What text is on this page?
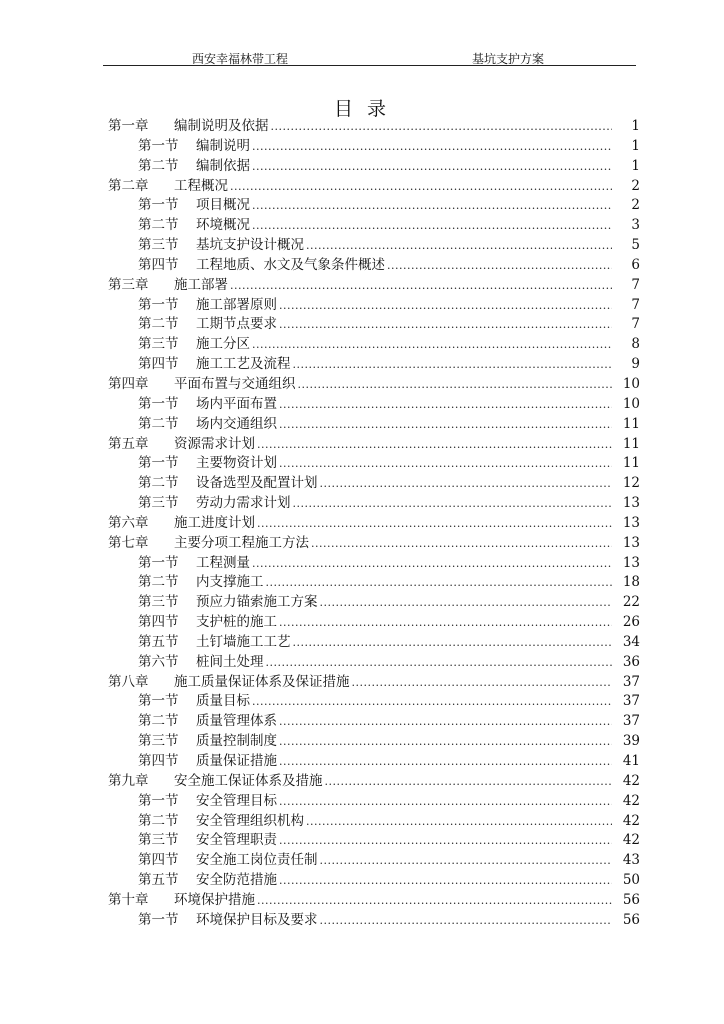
西安幸福林带工程	基坑支护方案
目 录
第一章	编制说明及依据 .....	1
第一节	编制说明 .....	1
第二节	编制依据 .....	1
第二章	工程概况 .....	2
第一节	项目概况 .....	2
第二节	环境概况 .....	3
第三节	基坑支护设计概况 .....	5
第四节	工程地质、水文及气象条件概述 .....	6
第三章	施工部署 .....	7
第一节	施工部署原则 .....	7
第二节	工期节点要求 .....	7
第三节	施工分区 .....	8
第四节	施工工艺及流程 .....	9
第四章	平面布置与交通组织 .....	10
第一节	场内平面布置 .....	10
第二节	场内交通组织 .....	11
第五章	资源需求计划 .....	11
第一节	主要物资计划 .....	11
第二节	设备选型及配置计划 .....	12
第三节	劳动力需求计划 .....	13
第六章	施工进度计划 .....	13
第七章	主要分项工程施工方法 .....	13
第一节	工程测量 .....	13
第二节	内支撑施工 .....	18
第三节	预应力锚索施工方案 .....	22
第四节	支护桩的施工 .....	26
第五节	土钉墙施工工艺 .....	34
第六节	桩间土处理 .....	36
第八章	施工质量保证体系及保证措施 .....	37
第一节	质量目标 .....	37
第二节	质量管理体系 .....	37
第三节	质量控制制度 .....	39
第四节	质量保证措施 .....	41
第九章	安全施工保证体系及措施 .....	42
第一节	安全管理目标 .....	42
第二节	安全管理组织机构 .....	42
第三节	安全管理职责 .....	42
第四节	安全施工岗位责任制 .....	43
第五节	安全防范措施 .....	50
第十章	环境保护措施 .....	56
第一节	环境保护目标及要求 .....	56
